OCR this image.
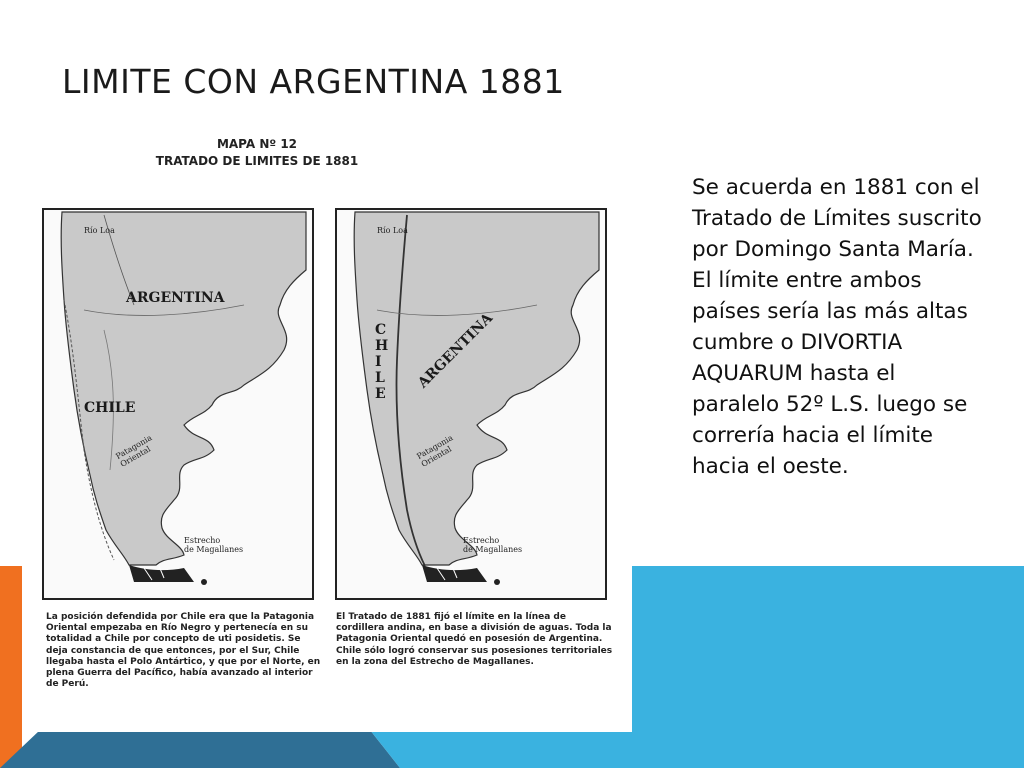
LIMITE CON ARGENTINA 1881

Se acuerda en 1881 con el Tratado de Límites suscrito por Domingo Santa María. El límite entre ambos países sería las más altas cumbre o DIVORTIA AQUARUM hasta el paralelo 52º L.S. luego se correría hacia el límite hacia el oeste.

MAPA Nº 12
TRATADO DE LIMITES DE 1881
Río Loa
ARGENTINA
CHILE
Patagonia
Oriental
Estrecho
de Magallanes
Río Loa
CHILE
ARGENTINA
Patagonia
Oriental
Estrecho
de Magallanes

La posición defendida por Chile era que la Patagonia Oriental empezaba en Río Negro y pertenecía en su totalidad a Chile por concepto de uti posidetis. Se deja constancia de que entonces, por el Sur, Chile llegaba hasta el Polo Antártico, y que por el Norte, en plena Guerra del Pacífico, había avanzado al interior de Perú.

El Tratado de 1881 fijó el límite en la línea de cordillera andina, en base a división de aguas. Toda la Patagonia Oriental quedó en posesión de Argentina. Chile sólo logró conservar sus posesiones territoriales en la zona del Estrecho de Magallanes.
